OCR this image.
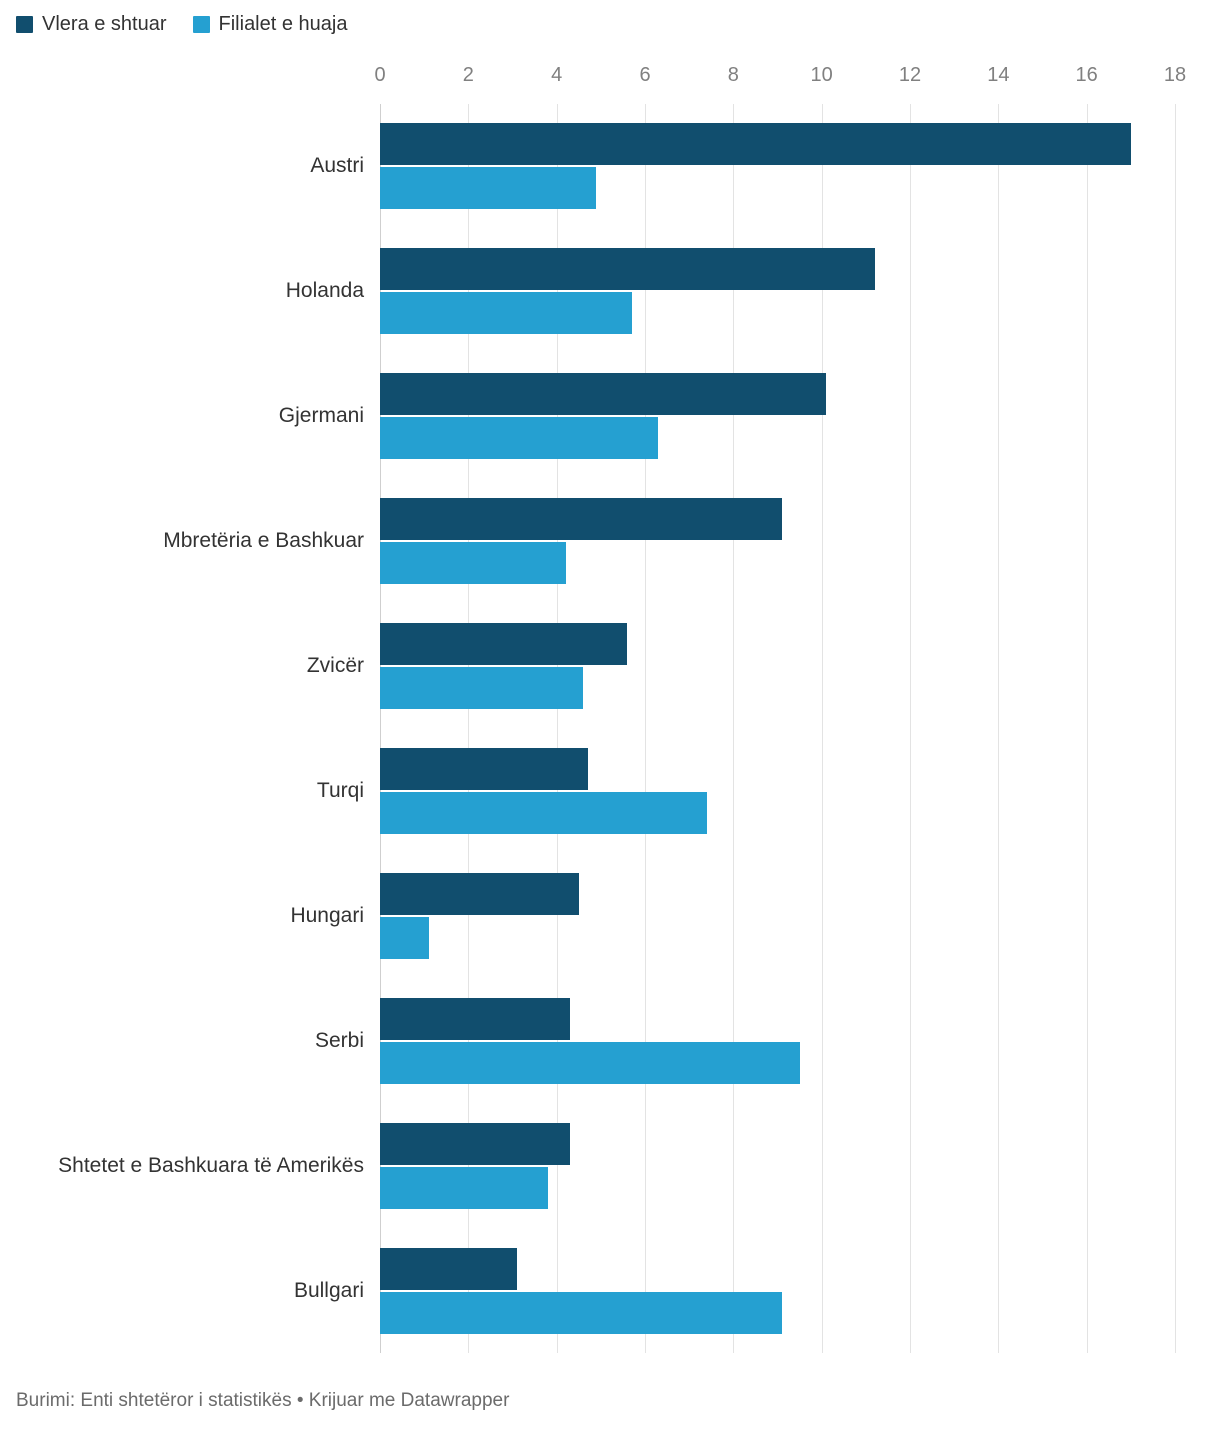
Vlera e shtuar	Filialet e huaja
0	2	4	6	8	10	12	14	16	18
Austri
Holanda
Gjermani
Mbretëria e Bashkuar
Zvicër
Turqi
Hungari
Serbi
Shtetet e Bashkuara të Amerikës
Bullgari
Burimi: Enti shtetëror i statistikës • Krijuar me Datawrapper
